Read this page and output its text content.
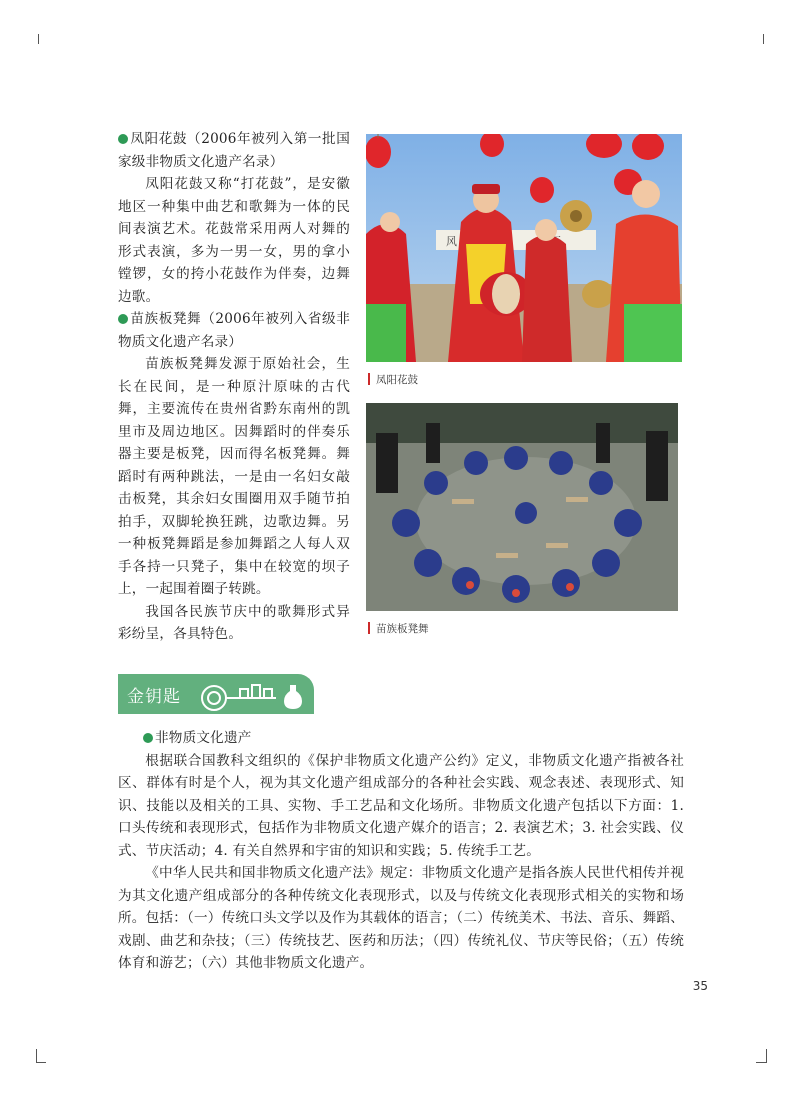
凤阳花鼓（2006年被列入第一批国家级非物质文化遗产名录）

凤阳花鼓又称“打花鼓”，是安徽地区一种集中曲艺和歌舞为一体的民间表演艺术。花鼓常采用两人对舞的形式表演，多为一男一女，男的拿小镗锣，女的挎小花鼓作为伴奏，边舞边歌。

苗族板凳舞（2006年被列入省级非物质文化遗产名录）

苗族板凳舞发源于原始社会，生长在民间，是一种原汁原味的古代舞，主要流传在贵州省黔东南州的凯里市及周边地区。因舞蹈时的伴奏乐器主要是板凳，因而得名板凳舞。舞蹈时有两种跳法，一是由一名妇女敲击板凳，其余妇女围圈用双手随节拍拍手，双脚轮换狂跳，边歌边舞。另一种板凳舞蹈是参加舞蹈之人每人双手各持一只凳子，集中在较宽的坝子上，一起围着圈子转跳。

我国各民族节庆中的歌舞形式异彩纷呈，各具特色。

风
凤阳花鼓
苗族板凳舞
金钥匙

非物质文化遗产

根据联合国教科文组织的《保护非物质文化遗产公约》定义，非物质文化遗产指被各社区、群体有时是个人，视为其文化遗产组成部分的各种社会实践、观念表述、表现形式、知识、技能以及相关的工具、实物、手工艺品和文化场所。非物质文化遗产包括以下方面：1. 口头传统和表现形式，包括作为非物质文化遗产媒介的语言；2. 表演艺术；3. 社会实践、仪式、节庆活动；4. 有关自然界和宇宙的知识和实践；5. 传统手工艺。

《中华人民共和国非物质文化遗产法》规定：非物质文化遗产是指各族人民世代相传并视为其文化遗产组成部分的各种传统文化表现形式，以及与传统文化表现形式相关的实物和场所。包括：（一）传统口头文学以及作为其载体的语言；（二）传统美术、书法、音乐、舞蹈、戏剧、曲艺和杂技；（三）传统技艺、医药和历法；（四）传统礼仪、节庆等民俗；（五）传统体育和游艺；（六）其他非物质文化遗产。

35
